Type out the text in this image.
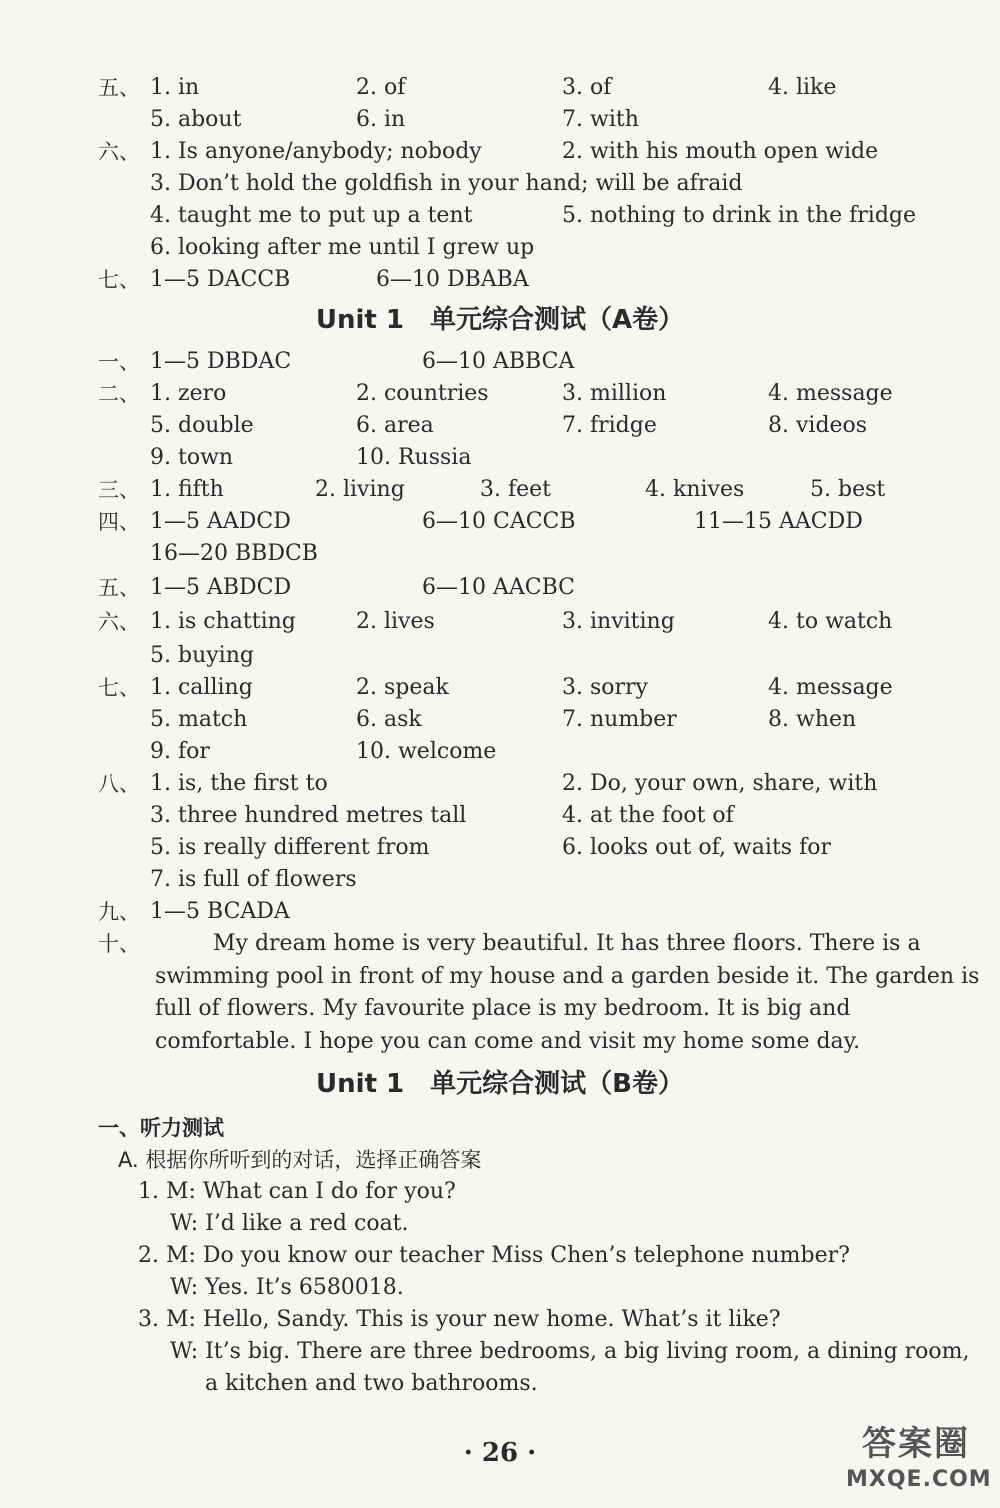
五、 1. in	2. of	3. of	4. like
5. about	6. in	7. with
六、 1. Is anyone/anybody; nobody	2. with his mouth open wide
3. Don’t hold the goldfish in your hand; will be afraid
4. taught me to put up a tent	5. nothing to drink in the fridge
6. looking after me until I grew up
七、 1—5 DACCB	6—10 DBABA
Unit 1　单元综合测试（A卷）
一、 1—5 DBDAC	6—10 ABBCA
二、 1. zero	2. countries	3. million	4. message
5. double	6. area	7. fridge	8. videos
9. town	10. Russia
三、 1. fifth	2. living	3. feet	4. knives	5. best
四、 1—5 AADCD	6—10 CACCB	11—15 AACDD
16—20 BBDCB
五、 1—5 ABDCD	6—10 AACBC
六、 1. is chatting	2. lives	3. inviting	4. to watch
5. buying
七、 1. calling	2. speak	3. sorry	4. message
5. match	6. ask	7. number	8. when
9. for	10. welcome
八、 1. is, the first to	2. Do, your own, share, with
3. three hundred metres tall	4. at the foot of
5. is really different from	6. looks out of, waits for
7. is full of flowers
九、 1—5 BCADA
十、	My dream home is very beautiful. It has three floors. There is a swimming pool in front of my house and a garden beside it. The garden is full of flowers. My favourite place is my bedroom. It is big and comfortable. I hope you can come and visit my home some day.
Unit 1　单元综合测试（B卷）
一、听力测试
A. 根据你所听到的对话，选择正确答案
1. M: What can I do for you?
W: I’d like a red coat.
2. M: Do you know our teacher Miss Chen’s telephone number?
W: Yes. It’s 6580018.
3. M: Hello, Sandy. This is your new home. What’s it like?
W: It’s big. There are three bedrooms, a big living room, a dining room,
a kitchen and two bathrooms.
· 26 ·	答案圈
MXQE.COM
